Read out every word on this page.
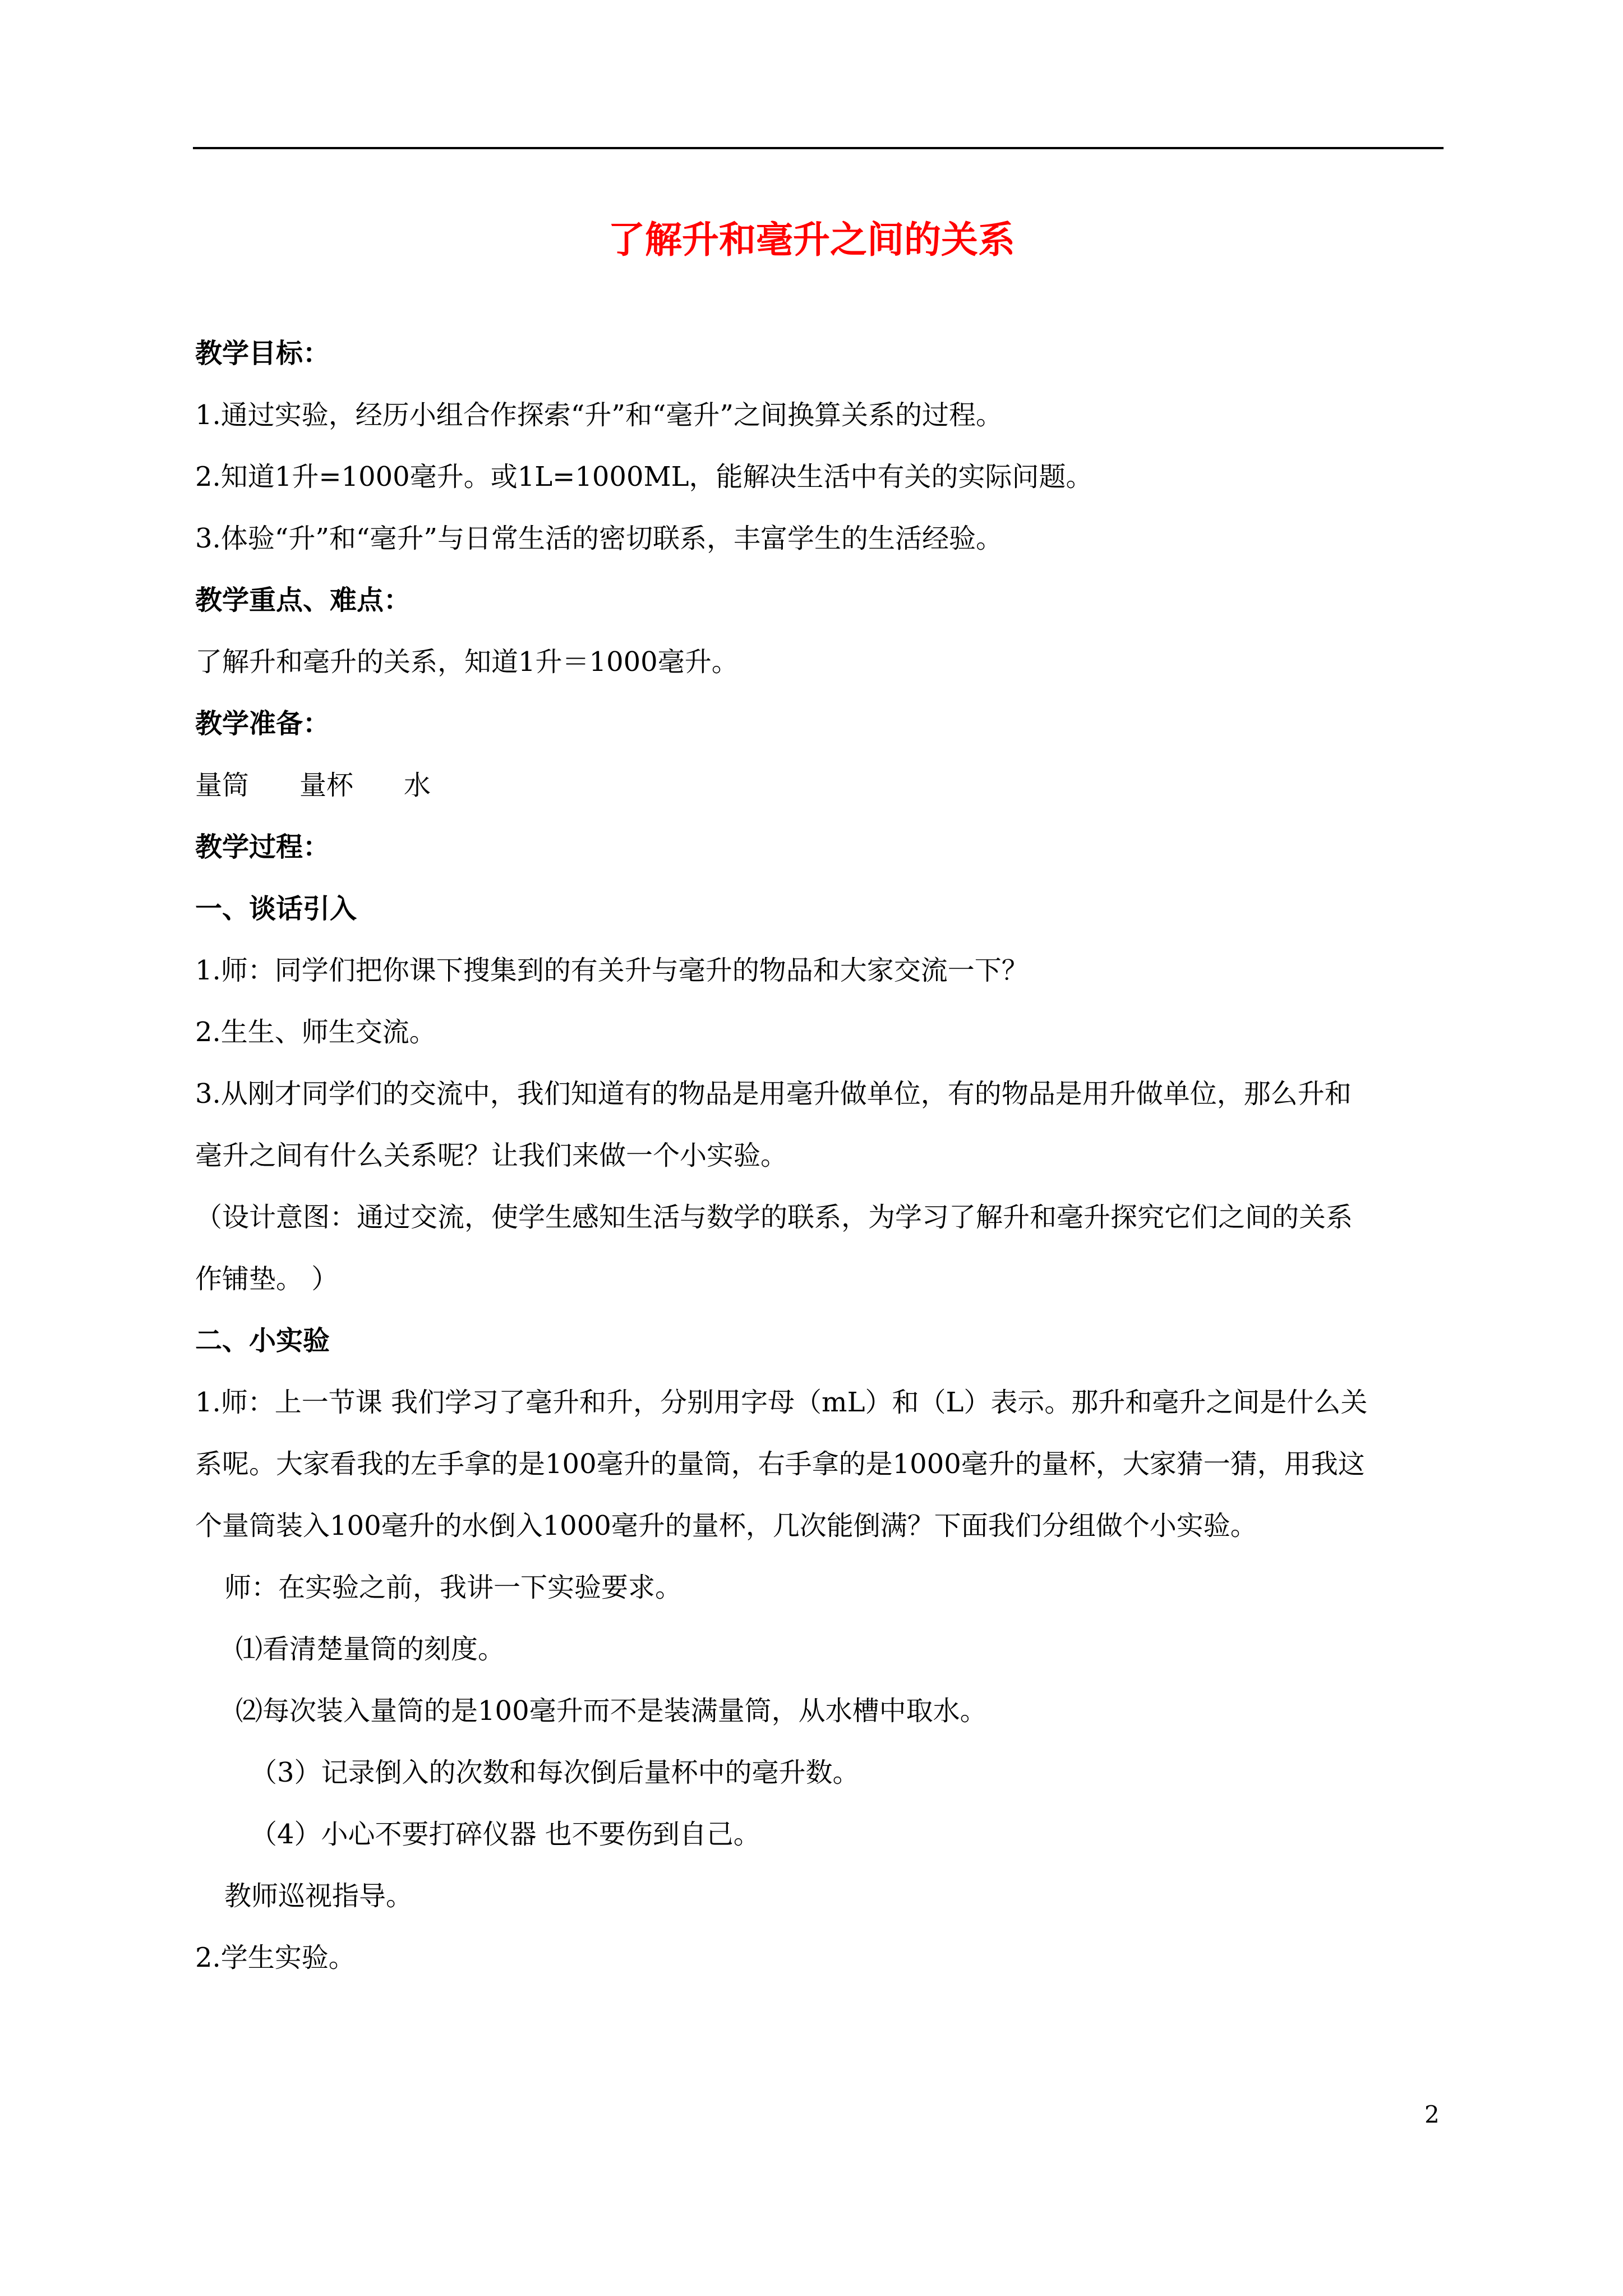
了解升和毫升之间的关系
教学目标：
1.通过实验，经历小组合作探索“升”和“毫升”之间换算关系的过程。
2.知道1升=1000毫升。或1L=1000ML，能解决生活中有关的实际问题。
3.体验“升”和“毫升”与日常生活的密切联系，丰富学生的生活经验。
教学重点、难点：
了解升和毫升的关系，知道1升＝1000毫升。
教学准备：
量筒 量杯 水
教学过程：
一、谈话引入
1.师：同学们把你课下搜集到的有关升与毫升的物品和大家交流一下？
2.生生、师生交流。
3.从刚才同学们的交流中，我们知道有的物品是用毫升做单位，有的物品是用升做单位，那么升和
毫升之间有什么关系呢？让我们来做一个小实验。
（设计意图：通过交流，使学生感知生活与数学的联系，为学习了解升和毫升探究它们之间的关系
作铺垫。 ）
二、小实验
1.师：上一节课 我们学习了毫升和升，分别用字母（mL）和（L）表示。那升和毫升之间是什么关
系呢。大家看我的左手拿的是100毫升的量筒，右手拿的是1000毫升的量杯，大家猜一猜，用我这
个量筒装入100毫升的水倒入1000毫升的量杯，几次能倒满？下面我们分组做个小实验。
师：在实验之前，我讲一下实验要求。
⑴看清楚量筒的刻度。
⑵每次装入量筒的是100毫升而不是装满量筒，从水槽中取水。
（3）记录倒入的次数和每次倒后量杯中的毫升数。
（4）小心不要打碎仪器 也不要伤到自己。
教师巡视指导。
2.学生实验。
2
